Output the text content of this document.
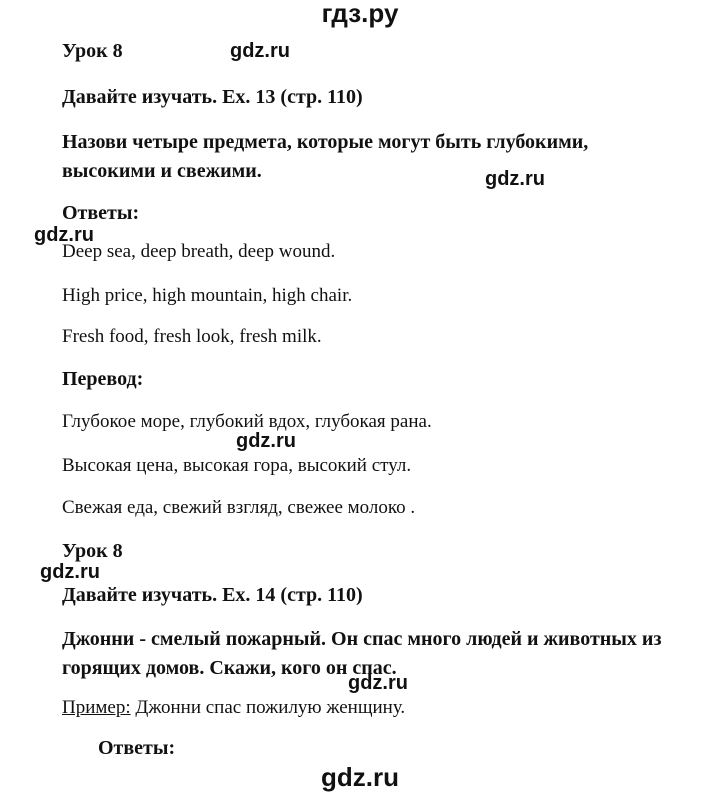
гдз.ру
Урок 8	gdz.ru
Давайте изучать. Ex. 13 (стр. 110)
Назови четыре предмета, которые могут быть глубокими, высокими и свежими.	gdz.ru
Ответы:
gdz.ru
Deep sea, deep breath, deep wound.
High price, high mountain, high chair.
Fresh food, fresh look, fresh milk.
Перевод:
Глубокое море, глубокий вдох, глубокая рана.
gdz.ru
Высокая цена, высокая гора, высокий стул.
Свежая еда, свежий взгляд, свежее молоко .
Урок 8
gdz.ru
Давайте изучать. Ex. 14 (стр. 110)
Джонни - смелый пожарный. Он спас много людей и животных из горящих домов. Скажи, кого он спас.
gdz.ru
Пример: Джонни спас пожилую женщину.
Ответы:
gdz.ru
